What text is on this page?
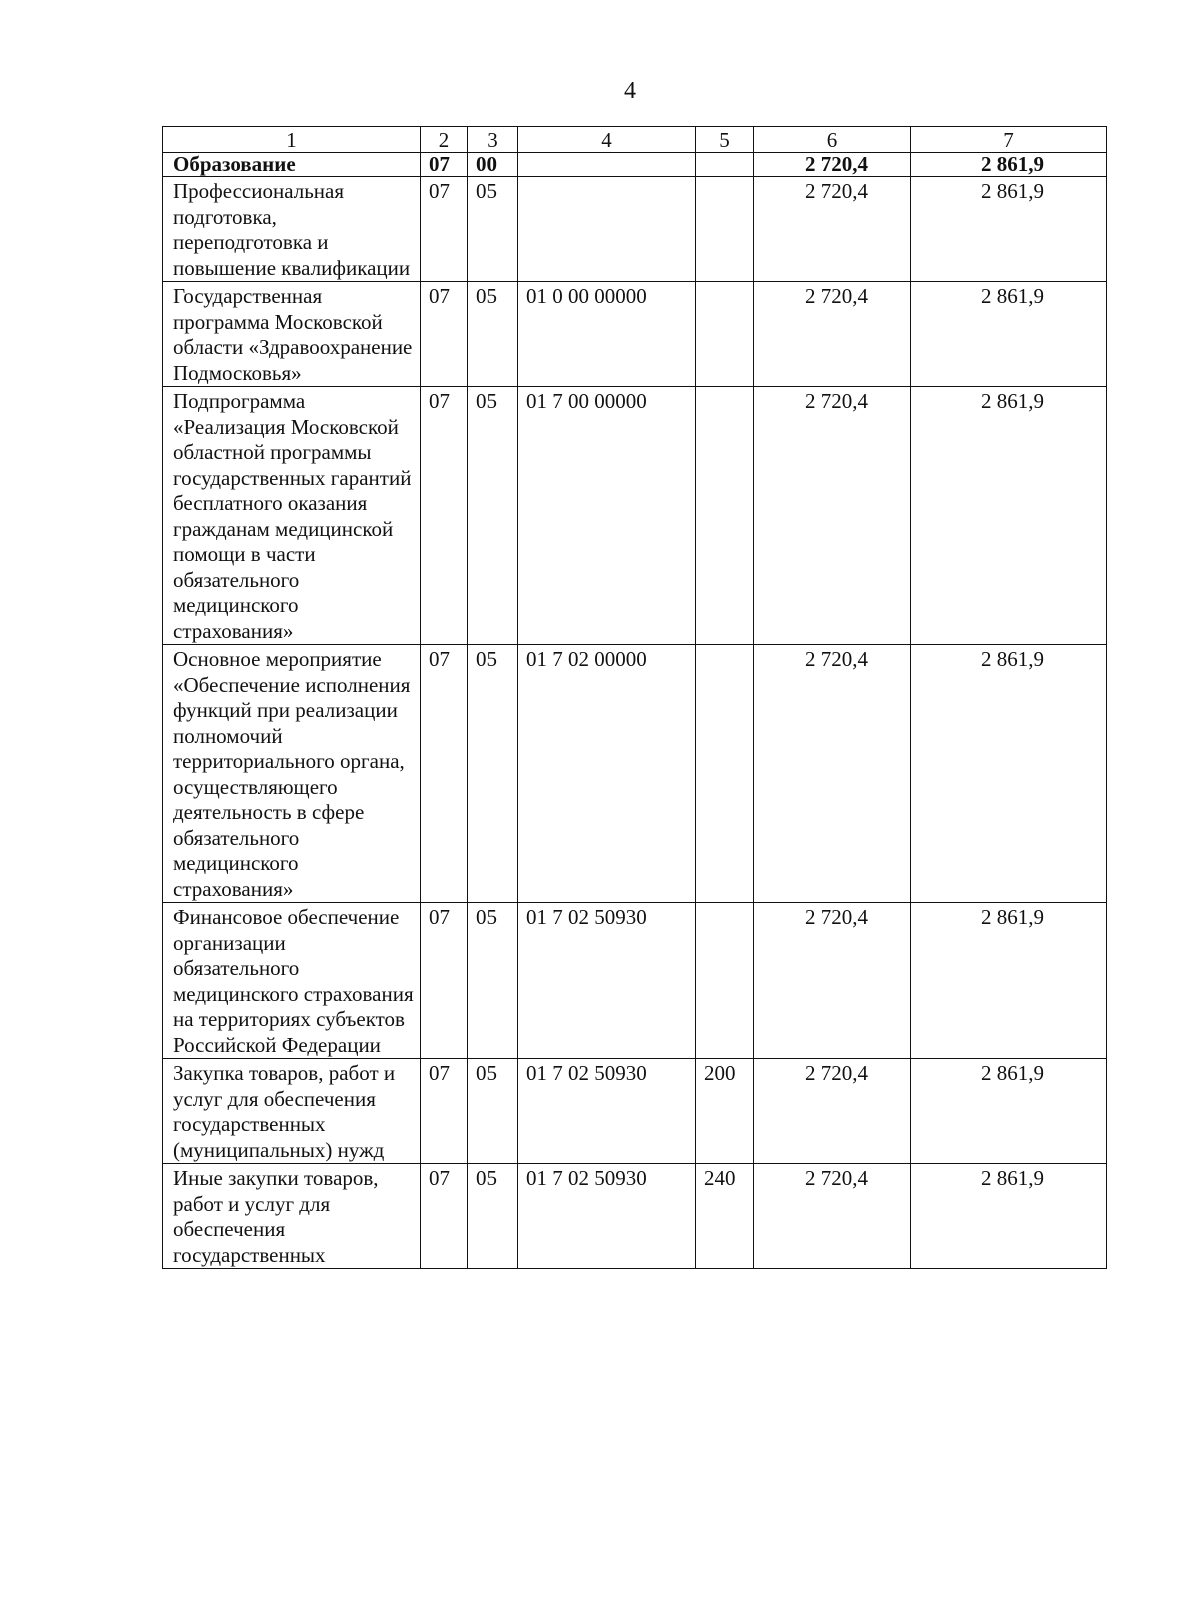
4
1	2	3	4	5	6	7
Образование	07	00			2 720,4	2 861,9
Профессиональная подготовка, переподготовка и повышение квалификации	07	05			2 720,4	2 861,9
Государственная программа Московской области «Здравоохранение Подмосковья»	07	05	01 0 00 00000		2 720,4	2 861,9
Подпрограмма «Реализация Московской областной программы государственных гарантий бесплатного оказания гражданам медицинской помощи в части обязательного медицинского страхования»	07	05	01 7 00 00000		2 720,4	2 861,9
Основное мероприятие «Обеспечение исполнения функций при реализации полномочий территориального органа, осуществляющего деятельность в сфере обязательного медицинского страхования»	07	05	01 7 02 00000		2 720,4	2 861,9
Финансовое обеспечение организации обязательного медицинского страхования на территориях субъектов Российской Федерации	07	05	01 7 02 50930		2 720,4	2 861,9
Закупка товаров, работ и услуг для обеспечения государственных (муниципальных) нужд	07	05	01 7 02 50930	200	2 720,4	2 861,9
Иные закупки товаров, работ и услуг для обеспечения государственных	07	05	01 7 02 50930	240	2 720,4	2 861,9
